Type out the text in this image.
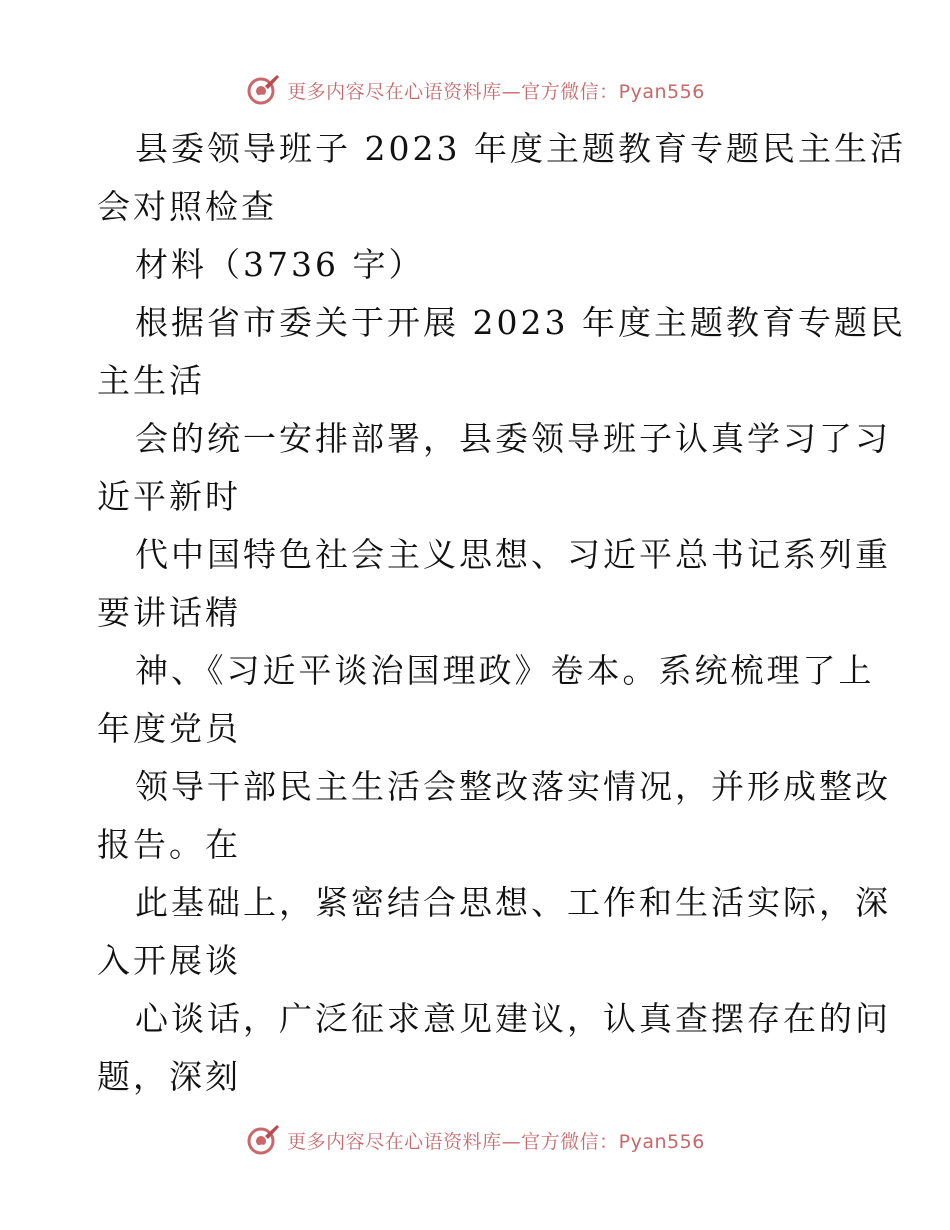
更多内容尽在心语资料库—官方微信：Pyan556
县委领导班子 2023 年度主题教育专题民主生活
会对照检查
材料（3736 字）
根据省市委关于开展 2023 年度主题教育专题民
主生活
会的统一安排部署，县委领导班子认真学习了习
近平新时
代中国特色社会主义思想、习近平总书记系列重
要讲话精
神、《习近平谈治国理政》卷本。系统梳理了上
年度党员
领导干部民主生活会整改落实情况，并形成整改
报告。在
此基础上，紧密结合思想、工作和生活实际，深
入开展谈
心谈话，广泛征求意见建议，认真查摆存在的问
题，深刻
更多内容尽在心语资料库—官方微信：Pyan556
